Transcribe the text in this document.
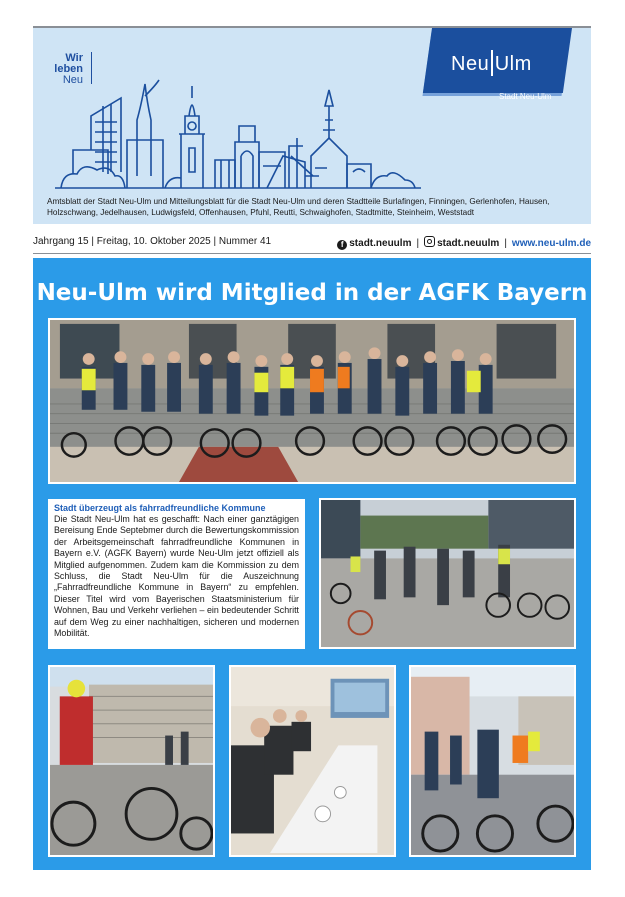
Wir
leben
Neu
Neu Ulm
Stadt Neu-Ulm
Amtsblatt der Stadt Neu-Ulm und Mitteilungsblatt für die Stadt Neu-Ulm und deren Stadtteile Burlafingen, Finningen, Gerlenhofen, Hausen, Holzschwang, Jedelhausen, Ludwigsfeld, Offenhausen, Pfuhl, Reutti, Schwaighofen, Stadtmitte, Steinheim, Weststadt
Jahrgang 15 | Freitag, 10. Oktober 2025 | Nummer 41	f stadt.neuulm | stadt.neuulm | www.neu-ulm.de
Neu-Ulm wird Mitglied in der AGFK Bayern
Stadt überzeugt als fahrradfreundliche Kommune
Die Stadt Neu-Ulm hat es geschafft: Nach einer ganztägigen Bereisung Ende Septebmer durch die Bewertungskommission der Arbeitsgemeinschaft fahrradfreundliche Kommunen in Bayern e.V. (AGFK Bayern) wurde Neu-Ulm jetzt offiziell als Mitglied aufgenommen. Zudem kam die Kommission zu dem Schluss, die Stadt Neu-Ulm für die Auszeichnung „Fahrradfreundliche Kommune in Bayern“ zu empfehlen. Dieser Titel wird vom Bayerischen Staatsministerium für Wohnen, Bau und Verkehr verliehen – ein bedeutender Schritt auf dem Weg zu einer nachhaltigen, sicheren und modernen Mobilität.
